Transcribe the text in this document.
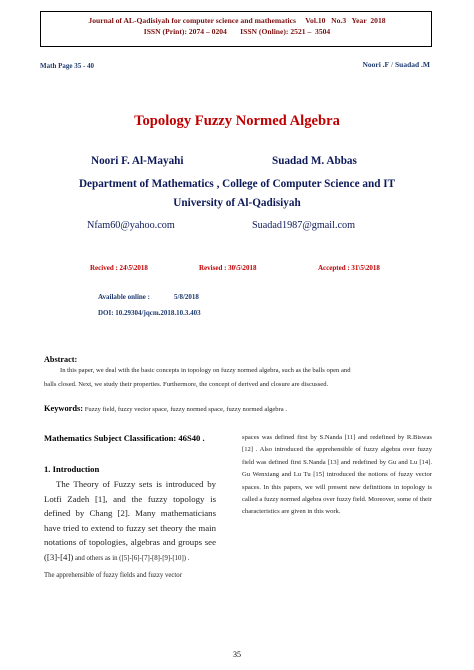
Journal of AL-Qadisiyah for computer science and mathematics     Vol.10   No.3   Year  2018
ISSN (Print): 2074 – 0204       ISSN (Online): 2521 –  3504
Math Page 35 - 40	Noori .F / Suadad .M
Topology Fuzzy Normed Algebra
Noori F. Al-Mayahi	Suadad M. Abbas
Department of Mathematics , College of Computer Science and IT
University of Al-Qadisiyah
Nfam60@yahoo.com	Suadad1987@gmail.com
Recived : 24\5\2018	Revised : 30\5\2018	Accepted : 31\5\2018
Available online :	5/8/2018
DOI: 10.29304/jqcm.2018.10.3.403
Abstract:
In this paper, we deal with the basic concepts in topology on fuzzy normed algebra, such as the balls open and
balls closed. Next, we study their properties. Furthermore, the concept of derived and closure are discussed.
Keywords: Fuzzy field, fuzzy vector space, fuzzy normed space, fuzzy normed algebra .
Mathematics Subject Classification: 46S40 .
1. Introduction
The Theory of Fuzzy sets is introduced by Lotfi Zadeh [1], and the fuzzy topology is defined by Chang [2]. Many mathematicians have tried to extend to fuzzy set theory the main notations of topologies, algebras and groups see ([3]-[4]) and others as in ([5]-[6]-[7]-[8]-[9]-[10]) .
The apprehensible of fuzzy fields and fuzzy vector
spaces was defined first by S.Nanda [11] and redefined by R.Biswas [12] . Also introduced the apprehensible of fuzzy algebra over fuzzy field was defined first S.Nanda [13] and redefined by Gu and Lu [14]. Gu Wenxiang and Lu Tu [15] introduced the notions of fuzzy vector spaces. In this papers, we will present new definitions in topology is called a fuzzy normed algebra over fuzzy field. Moreover, some of their characteristics are given in this work.
35
